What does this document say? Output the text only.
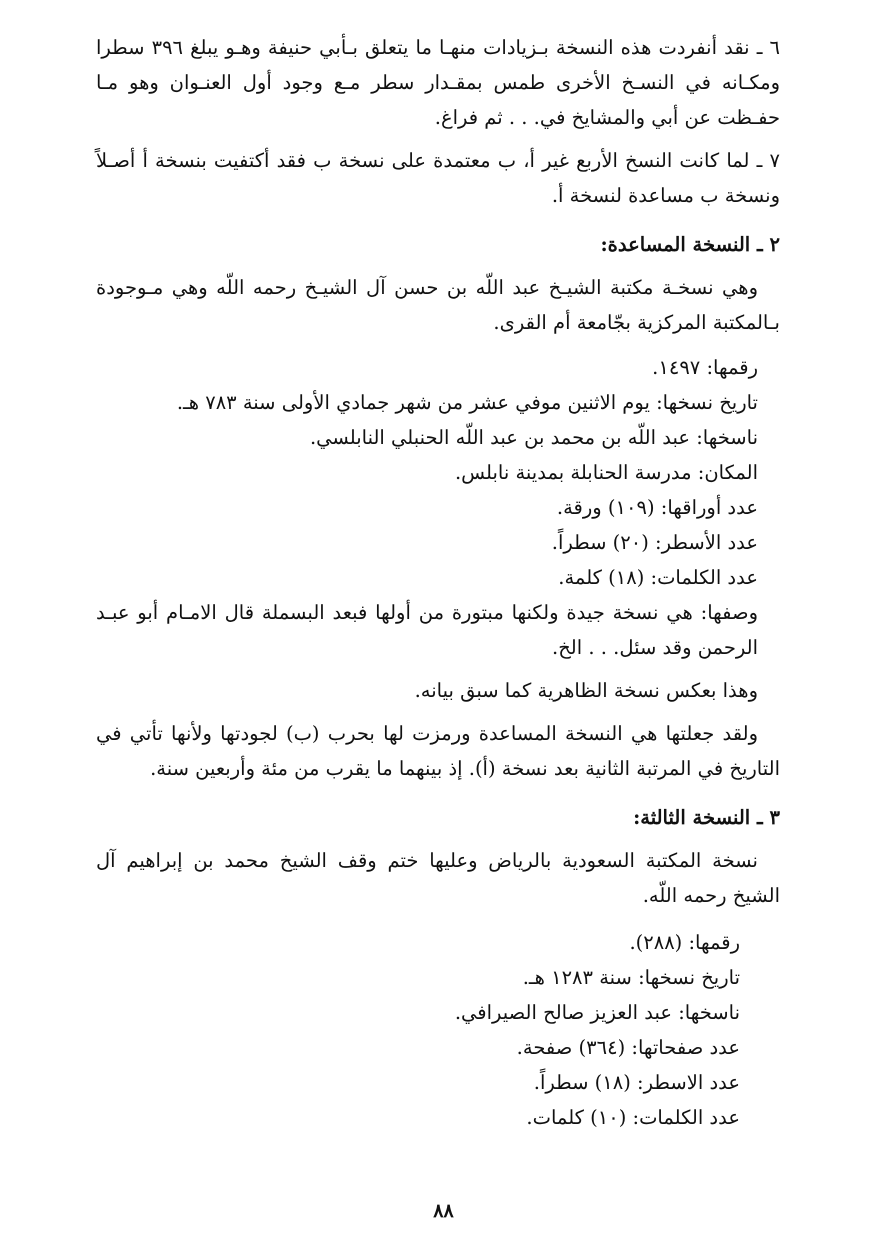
٦ ـ نقد أنفردت هذه النسخة بـزيادات منهـا ما يتعلق بـأبي حنيفة وهـو يبلغ ٣٩٦ سطرا ومكـانه في النسـخ الأخرى طمس بمقـدار سطر مـع وجود أول العنـوان وهو مـا حفـظت عن أبي والمشايخ في. . . ثم فراغ.

٧ ـ لما كانت النسخ الأربع غير أ، ب معتمدة على نسخة ب فقد أكتفيت بنسخة أ أصـلاً ونسخة ب مساعدة لنسخة أ.

٢ ـ النسخة المساعدة:

وهي نسخـة مكتبة الشيـخ عبد اللّه بن حسن آل الشيـخ رحمه اللّه وهي مـوجودة بـالمكتبة المركزية بجّامعة أم القرى.

رقمها: ١٤٩٧.
تاريخ نسخها: يوم الاثنين موفي عشر من شهر جمادي الأولى سنة ٧٨٣ هـ.
ناسخها: عبد اللّه بن محمد بن عبد اللّه الحنبلي النابلسي.
المكان: مدرسة الحنابلة بمدينة نابلس.
عدد أوراقها: (١٠٩) ورقة.
عدد الأسطر: (٢٠) سطراً.
عدد الكلمات: (١٨) كلمة.

وصفها: هي نسخة جيدة ولكنها مبتورة من أولها فبعد البسملة قال الامـام أبو عبـد الرحمن وقد سئل. . . الخ.

وهذا بعكس نسخة الظاهرية كما سبق بيانه.

ولقد جعلتها هي النسخة المساعدة ورمزت لها بحرب (ب) لجودتها ولأنها تأتي في التاريخ في المرتبة الثانية بعد نسخة (أ). إذ بينهما ما يقرب من مئة وأربعين سنة.

٣ ـ النسخة الثالثة:

نسخة المكتبة السعودية بالرياض وعليها ختم وقف الشيخ محمد بن إبراهيم آل الشيخ رحمه اللّه.

رقمها: (٢٨٨).
تاريخ نسخها: سنة ١٢٨٣ هـ.
ناسخها: عبد العزيز صالح الصيرافي.
عدد صفحاتها: (٣٦٤) صفحة.
عدد الاسطر: (١٨) سطراً.
عدد الكلمات: (١٠) كلمات.
٨٨
